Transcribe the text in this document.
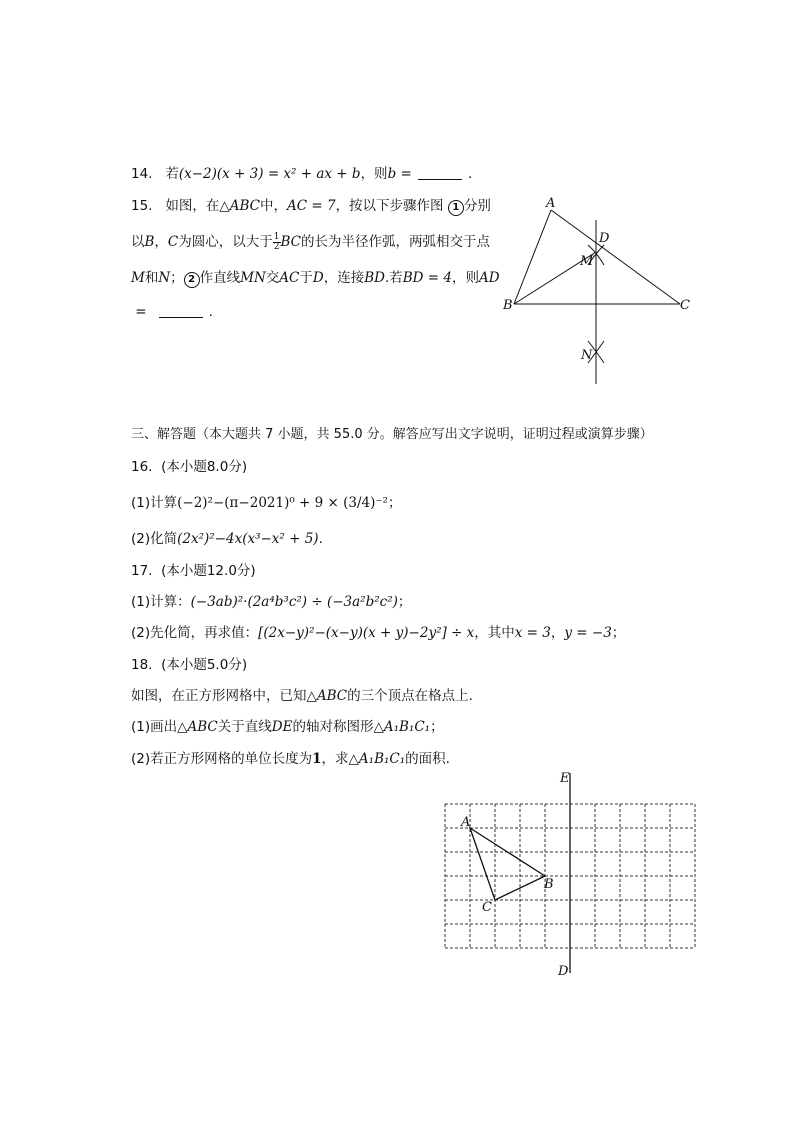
14. 若(x−2)(x + 3) = x² + ax + b，则b =	.
15. 如图，在△ABC中，AC = 7，按以下步骤作图 1 分别
以B，C为圆心，以大于 $\frac{1}{2}$ BC的长为半径作弧，两弧相交于点
M和N； 2 作直线MN交AC于D，连接BD.若BD = 4，则AD
=	.
A
B	C
D
M
N
三、解答题（本大题共 7 小题，共 55.0 分。解答应写出文字说明，证明过程或演算步骤）
16. (本小题8.0分)
(1)计算(−2)²−(π−2021)⁰ + 9 × (3/4)⁻²；
(2)化简(2x²)²−4x(x³−x² + 5).
17. (本小题12.0分)
(1)计算：(−3ab)²·(2a⁴b³c²) ÷ (−3a²b²c²)；
(2)先化简，再求值：[(2x−y)²−(x−y)(x + y)−2y²] ÷ x，其中x = 3，y = −3；
18. (本小题5.0分)
如图，在正方形网格中，已知△ABC的三个顶点在格点上.
(1)画出△ABC关于直线DE的轴对称图形△A₁B₁C₁；
(2)若正方形网格的单位长度为1，求△A₁B₁C₁的面积.
E
D
A
B
C
